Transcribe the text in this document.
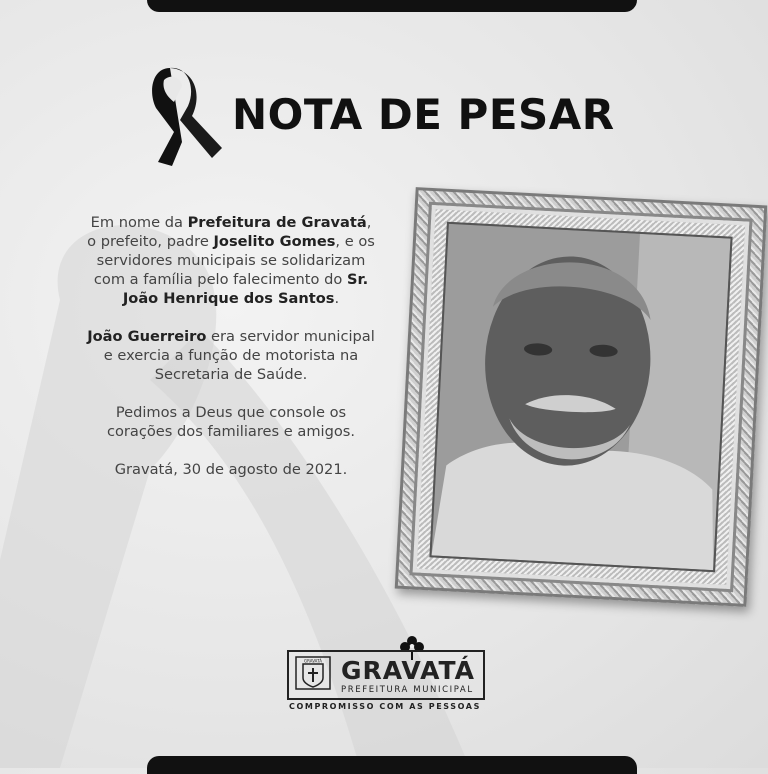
NOTA DE PESAR

Em nome da Prefeitura de Gravatá, o prefeito, padre Joselito Gomes, e os servidores municipais se solidarizam com a família pelo falecimento do Sr. João Henrique dos Santos.

João Guerreiro era servidor municipal e exercia a função de motorista na Secretaria de Saúde.

Pedimos a Deus que console os corações dos familiares e amigos.

Gravatá, 30 de agosto de 2021.

GRAVATÁ GRAVATÁ
PREFEITURA MUNICIPAL
COMPROMISSO COM AS PESSOAS
